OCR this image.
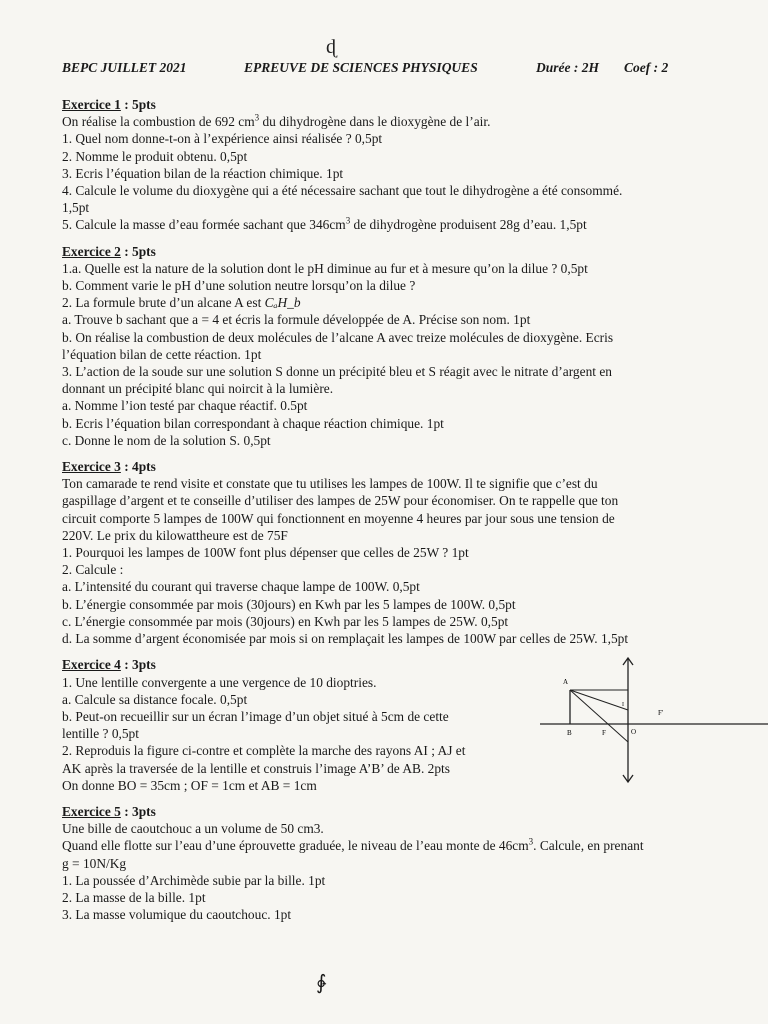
ɖ
BEPC JUILLET 2021	EPREUVE DE SCIENCES PHYSIQUES	Durée : 2H Coef : 2
Exercice 1 : 5pts
On réalise la combustion de 692 $cm^3$ du dihydrogène dans le dioxygène de l’air.
1. Quel nom donne-t-on à l’expérience ainsi réalisée ? 0,5pt
2. Nomme le produit obtenu. 0,5pt
3. Ecris l’équation bilan de la réaction chimique. 1pt
4. Calcule le volume du dioxygène qui a été nécessaire sachant que tout le dihydrogène a été consommé.
1,5pt
5. Calcule la masse d’eau formée sachant que $346cm^3$ de dihydrogène produisent 28g d’eau. 1,5pt
Exercice 2 : 5pts
1.a. Quelle est la nature de la solution dont le pH diminue au fur et à mesure qu’on la dilue ? 0,5pt
b. Comment varie le pH d’une solution neutre lorsqu’on la dilue ?
2. La formule brute d’un alcane A est CₐH_b
a. Trouve b sachant que a = 4 et écris la formule développée de A. Précise son nom. 1pt
b. On réalise la combustion de deux molécules de l’alcane A avec treize molécules de dioxygène. Ecris
l’équation bilan de cette réaction. 1pt
3. L’action de la soude sur une solution S donne un précipité bleu et S réagit avec le nitrate d’argent en
donnant un précipité blanc qui noircit à la lumière.
a. Nomme l’ion testé par chaque réactif. 0.5pt
b. Ecris l’équation bilan correspondant à chaque réaction chimique. 1pt
c. Donne le nom de la solution S. 0,5pt
Exercice 3 : 4pts
Ton camarade te rend visite et constate que tu utilises les lampes de 100W. Il te signifie que c’est du
gaspillage d’argent et te conseille d’utiliser des lampes de 25W pour économiser. On te rappelle que ton
circuit comporte 5 lampes de 100W qui fonctionnent en moyenne 4 heures par jour sous une tension de
220V. Le prix du kilowattheure est de 75F
1. Pourquoi les lampes de 100W font plus dépenser que celles de 25W ? 1pt
2. Calcule :
a. L’intensité du courant qui traverse chaque lampe de 100W. 0,5pt
b. L’énergie consommée par mois (30jours) en Kwh par les 5 lampes de 100W. 0,5pt
c. L’énergie consommée par mois (30jours) en Kwh par les 5 lampes de 25W. 0,5pt
d. La somme d’argent économisée par mois si on remplaçait les lampes de 100W par celles de 25W. 1,5pt
Exercice 4 : 3pts
1. Une lentille convergente a une vergence de 10 dioptries.
a. Calcule sa distance focale. 0,5pt
b. Peut-on recueillir sur un écran l’image d’un objet situé à 5cm de cette
lentille ? 0,5pt
2. Reproduis la figure ci-contre et complète la marche des rayons AI ; AJ et
AK après la traversée de la lentille et construis l’image A’B’ de AB. 2pts
On donne BO = 35cm ; OF = 1cm et AB = 1cm
A
B	F	O
I
F'
Exercice 5 : 3pts
Une bille de caoutchouc a un volume de 50 cm3.
Quand elle flotte sur l’eau d’une éprouvette graduée, le niveau de l’eau monte de $46cm^3$. Calcule, en prenant
g = 10N/Kg
1. La poussée d’Archimède subie par la bille. 1pt
2. La masse de la bille. 1pt
3. La masse volumique du caoutchouc. 1pt
∳
